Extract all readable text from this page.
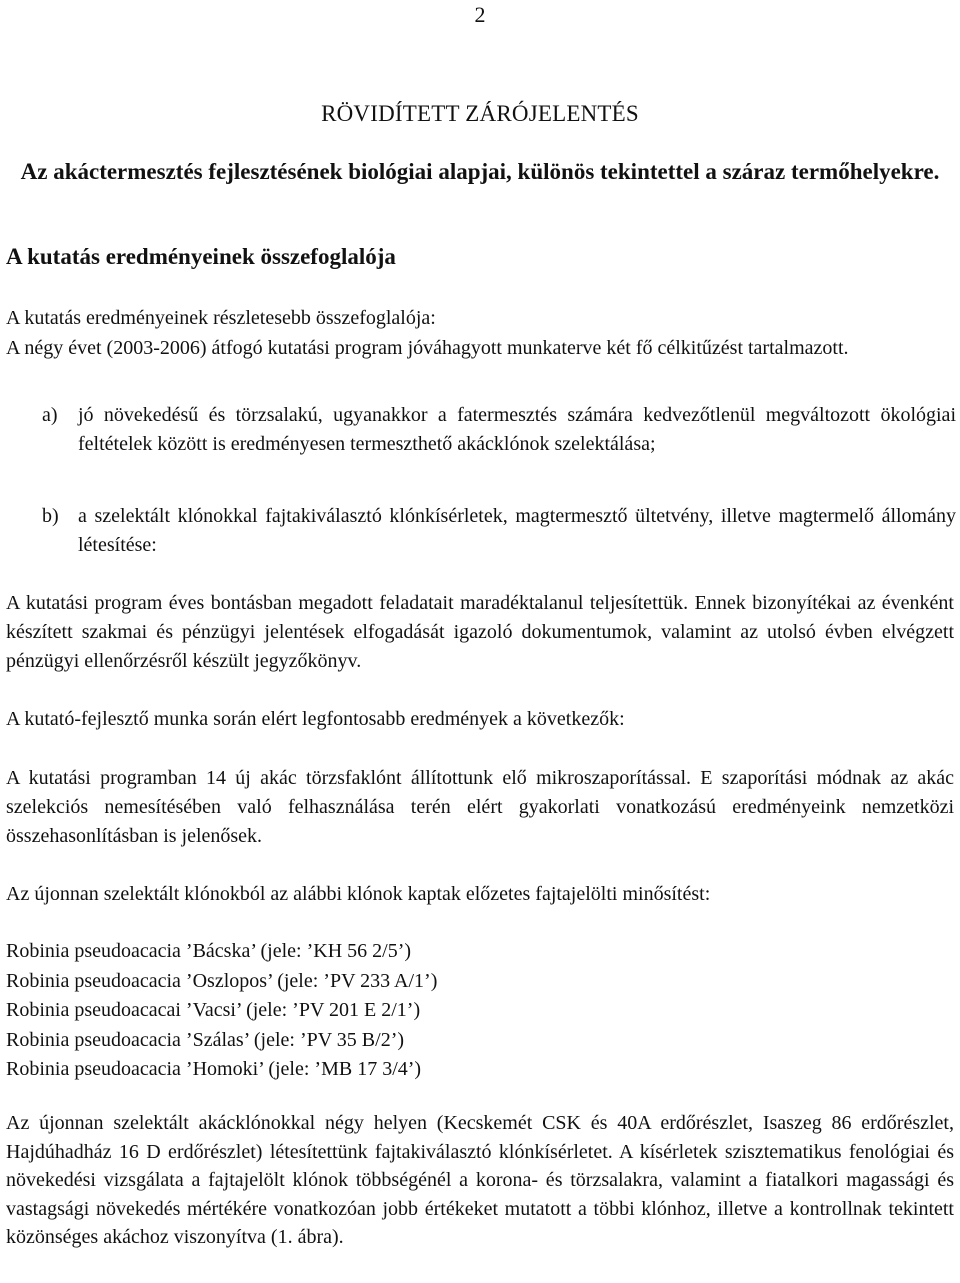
2
RÖVIDÍTETT ZÁRÓJELENTÉS
Az akáctermesztés fejlesztésének biológiai alapjai, különös tekintettel a száraz termőhelyekre.
A kutatás eredményeinek összefoglalója

A kutatás eredményeinek részletesebb összefoglalója:

A négy évet (2003-2006) átfogó kutatási program jóváhagyott munkaterve két fő célkitűzést tartalmazott.

a) jó növekedésű és törzsalakú, ugyanakkor a fatermesztés számára kedvezőtlenül megváltozott ökológiai feltételek között is eredményesen termeszthető akácklónok szelektálása;
b) a szelektált klónokkal fajtakiválasztó klónkísérletek, magtermesztő ültetvény, illetve magtermelő állomány létesítése:

A kutatási program éves bontásban megadott feladatait maradéktalanul teljesítettük. Ennek bizonyítékai az évenként készített szakmai és pénzügyi jelentések elfogadását igazoló dokumentumok, valamint az utolsó évben elvégzett pénzügyi ellenőrzésről készült jegyzőkönyv.

A kutató-fejlesztő munka során elért legfontosabb eredmények a következők:

A kutatási programban 14 új akác törzsfaklónt állítottunk elő mikroszaporítással. E szaporítási módnak az akác szelekciós nemesítésében való felhasználása terén elért gyakorlati vonatkozású eredményeink nemzetközi összehasonlításban is jelenősek.

Az újonnan szelektált klónokból az alábbi klónok kaptak előzetes fajtajelölti minősítést:

Robinia pseudoacacia ’Bácska’ (jele: ’KH 56 2/5’)

Robinia pseudoacacia ’Oszlopos’ (jele: ’PV 233 A/1’)

Robinia pseudoacacai ’Vacsi’ (jele: ’PV 201 E 2/1’)

Robinia pseudoacacia ’Szálas’ (jele: ’PV 35 B/2’)

Robinia pseudoacacia ’Homoki’ (jele: ’MB 17 3/4’)

Az újonnan szelektált akácklónokkal négy helyen (Kecskemét CSK és 40A erdőrészlet, Isaszeg 86 erdőrészlet, Hajdúhadház 16 D erdőrészlet) létesítettünk fajtakiválasztó klónkísérletet. A kísérletek szisztematikus fenológiai és növekedési vizsgálata a fajtajelölt klónok többségénél a korona- és törzsalakra, valamint a fiatalkori magassági és vastagsági növekedés mértékére vonatkozóan jobb értékeket mutatott a többi klónhoz, illetve a kontrollnak tekintett közönséges akáchoz viszonyítva (1. ábra).
